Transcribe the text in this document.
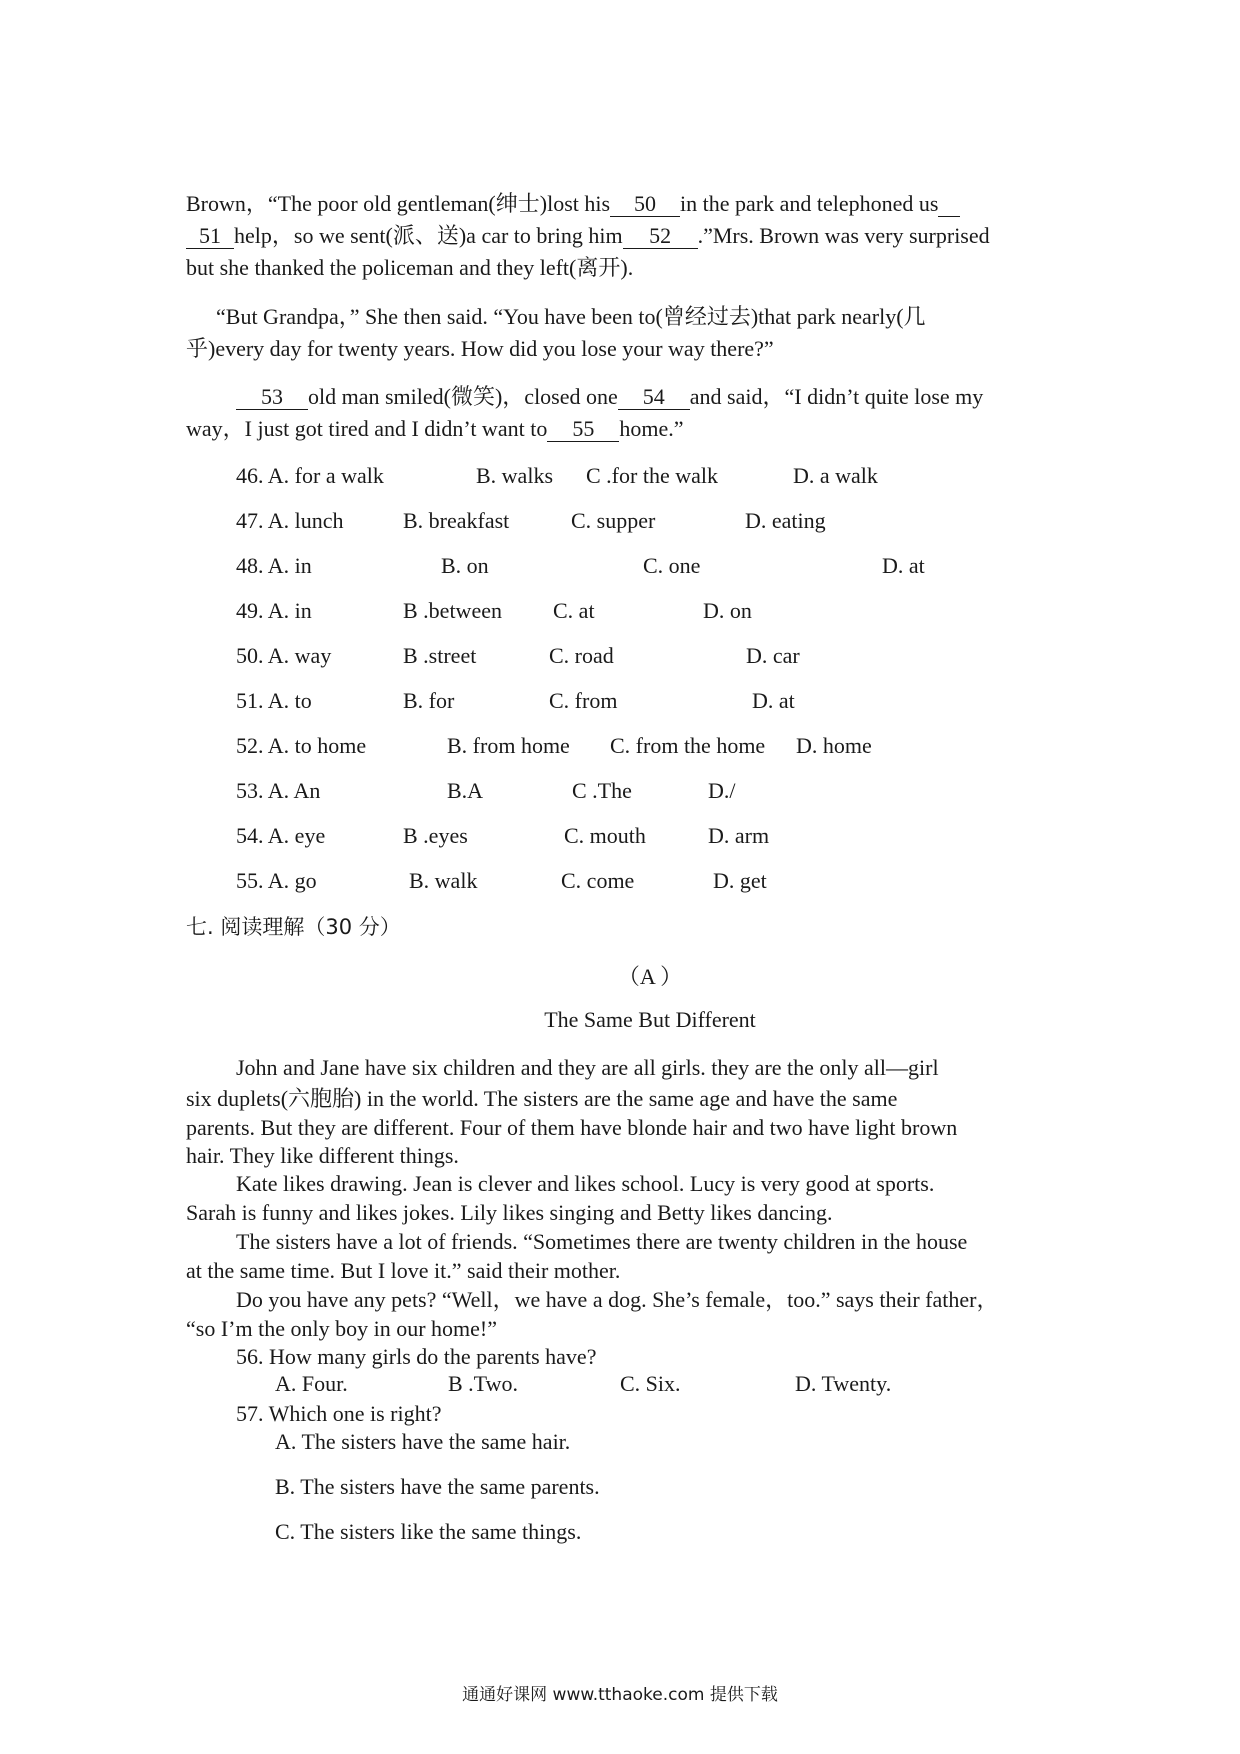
Brown，“The poor old gentleman(绅士)lost his 50 in the park and telephoned us
51 help，so we sent(派、送)a car to bring him 52 .”Mrs. Brown was very surprised
but she thanked the policeman and they left(离开).
“But Grandpa，” She then said. “You have been to(曾经过去)that park nearly(几
乎)every day for twenty years. How did you lose your way there?”
53 old man smiled(微笑)，closed one 54 and said，“I didn’t quite lose my
way，I just got tired and I didn’t want to 55 home.”
46. A. for a walk	B. walks C .for the walk	D. a walk
47. A. lunch	B. breakfast	C. supper	D. eating
48. A. in	B. on	C. one	D. at
49. A. in	B .between C. at	D. on
50. A. way	B .street	C. road	D. car
51. A. to	B. for	C. from	D. at
52. A. to home	B. from home C. from the home D. home
53. A. An	B.A	C .The	D./
54. A. eye	B .eyes	C. mouth	D. arm
55. A. go	B. walk	C. come	D. get
七. 阅读理解（30 分）
（A ）
The Same But Different
John and Jane have six children and they are all girls. they are the only all—girl
six duplets(六胞胎) in the world. The sisters are the same age and have the same
parents. But they are different. Four of them have blonde hair and two have light brown
hair. They like different things.
Kate likes drawing. Jean is clever and likes school. Lucy is very good at sports.
Sarah is funny and likes jokes. Lily likes singing and Betty likes dancing.
The sisters have a lot of friends. “Sometimes there are twenty children in the house
at the same time. But I love it.” said their mother.
Do you have any pets? “Well，we have a dog. She’s female，too.” says their father，
“so I’m the only boy in our home!”
56. How many girls do the parents have?
A. Four.	B .Two.	C. Six.	D. Twenty.
57. Which one is right?
A. The sisters have the same hair.
B. The sisters have the same parents.
C. The sisters like the same things.
通通好课网 www.tthaoke.com 提供下载
